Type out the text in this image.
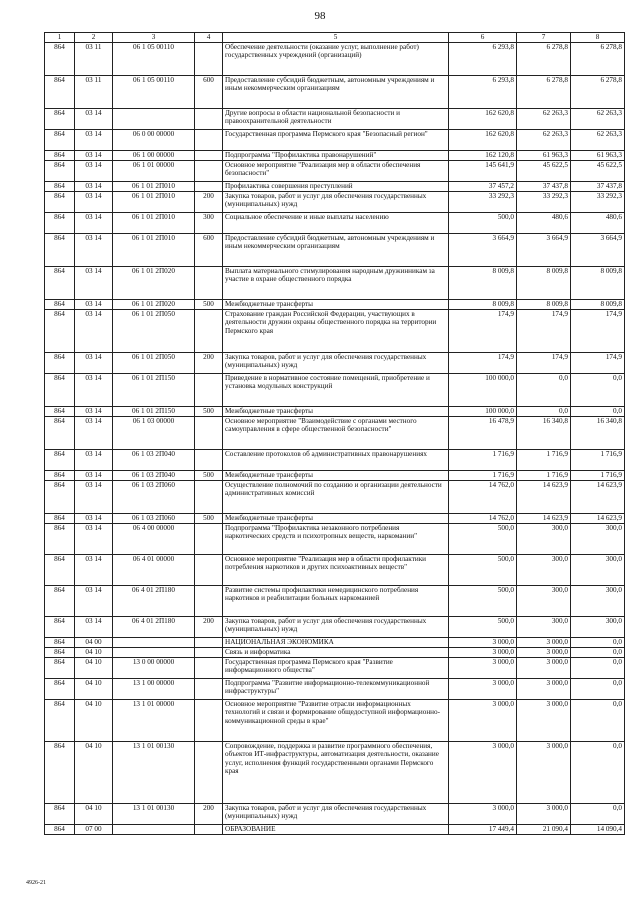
98
1	2	3	4	5	6	7	8
864	03 11	06 1 05 00110		Обеспечение деятельности (оказание услуг, выполнение работ) государственных учреждений (организаций)	6 293,8	6 278,8	6 278,8
864	03 11	06 1 05 00110	600	Предоставление субсидий бюджетным, автономным учреждениям и иным некоммерческим организациям	6 293,8	6 278,8	6 278,8
864	03 14			Другие вопросы в области национальной безопасности и правоохранительной деятельности	162 620,8	62 263,3	62 263,3
864	03 14	06 0 00 00000		Государственная программа Пермского края "Безопасный регион"	162 620,8	62 263,3	62 263,3
864	03 14	06 1 00 00000		Подпрограмма "Профилактика правонарушений"	162 120,8	61 963,3	61 963,3
864	03 14	06 1 01 00000		Основное мероприятие "Реализация мер в области обеспечения безопасности"	145 641,9	45 622,5	45 622,5
864	03 14	06 1 01 2П010		Профилактика совершения преступлений	37 457,2	37 437,8	37 437,8
864	03 14	06 1 01 2П010	200	Закупка товаров, работ и услуг для обеспечения государственных (муниципальных) нужд	33 292,3	33 292,3	33 292,3
864	03 14	06 1 01 2П010	300	Социальное обеспечение и иные выплаты населению	500,0	480,6	480,6
864	03 14	06 1 01 2П010	600	Предоставление субсидий бюджетным, автономным учреждениям и иным некоммерческим организациям	3 664,9	3 664,9	3 664,9
864	03 14	06 1 01 2П020		Выплата материального стимулирования народным дружинникам за участие в охране общественного порядка	8 009,8	8 009,8	8 009,8
864	03 14	06 1 01 2П020	500	Межбюджетные трансферты	8 009,8	8 009,8	8 009,8
864	03 14	06 1 01 2П050		Страхование граждан Российской Федерации, участвующих в деятельности дружин охраны общественного порядка на территории Пермского края	174,9	174,9	174,9
864	03 14	06 1 01 2П050	200	Закупка товаров, работ и услуг для обеспечения государственных (муниципальных) нужд	174,9	174,9	174,9
864	03 14	06 1 01 2П150		Приведение в нормативное состояние помещений, приобретение и установка модульных конструкций	100 000,0	0,0	0,0
864	03 14	06 1 01 2П150	500	Межбюджетные трансферты	100 000,0	0,0	0,0
864	03 14	06 1 03 00000		Основное мероприятие "Взаимодействие с органами местного самоуправления в сфере общественной безопасности"	16 478,9	16 340,8	16 340,8
864	03 14	06 1 03 2П040		Составление протоколов об административных правонарушениях	1 716,9	1 716,9	1 716,9
864	03 14	06 1 03 2П040	500	Межбюджетные трансферты	1 716,9	1 716,9	1 716,9
864	03 14	06 1 03 2П060		Осуществление полномочий по созданию и организации деятельности административных комиссий	14 762,0	14 623,9	14 623,9
864	03 14	06 1 03 2П060	500	Межбюджетные трансферты	14 762,0	14 623,9	14 623,9
864	03 14	06 4 00 00000		Подпрограмма "Профилактика незаконного потребления наркотических средств и психотропных веществ, наркомании"	500,0	300,0	300,0
864	03 14	06 4 01 00000		Основное мероприятие "Реализация мер в области профилактики потребления наркотиков и других психоактивных веществ"	500,0	300,0	300,0
864	03 14	06 4 01 2П180		Развитие системы профилактики немедицинского потребления наркотиков и реабилитации больных наркоманией	500,0	300,0	300,0
864	03 14	06 4 01 2П180	200	Закупка товаров, работ и услуг для обеспечения государственных (муниципальных) нужд	500,0	300,0	300,0
864	04 00			НАЦИОНАЛЬНАЯ ЭКОНОМИКА	3 000,0	3 000,0	0,0
864	04 10			Связь и информатика	3 000,0	3 000,0	0,0
864	04 10	13 0 00 00000		Государственная программа Пермского края "Развитие информационного общества"	3 000,0	3 000,0	0,0
864	04 10	13 1 00 00000		Подпрограмма "Развитие информационно-телекоммуникационной инфраструктуры"	3 000,0	3 000,0	0,0
864	04 10	13 1 01 00000		Основное мероприятие "Развитие отрасли информационных технологий и связи и формирование общедоступной информационно-коммуникационной среды в крае"	3 000,0	3 000,0	0,0
864	04 10	13 1 01 00130		Сопровождение, поддержка и развитие программного обеспечения, объектов ИТ-инфраструктуры, автоматизация деятельности, оказание услуг, исполнения функций государственными органами Пермского края	3 000,0	3 000,0	0,0
864	04 10	13 1 01 00130	200	Закупка товаров, работ и услуг для обеспечения государственных (муниципальных) нужд	3 000,0	3 000,0	0,0
864	07 00			ОБРАЗОВАНИЕ	17 449,4	21 090,4	14 090,4
4926-21
